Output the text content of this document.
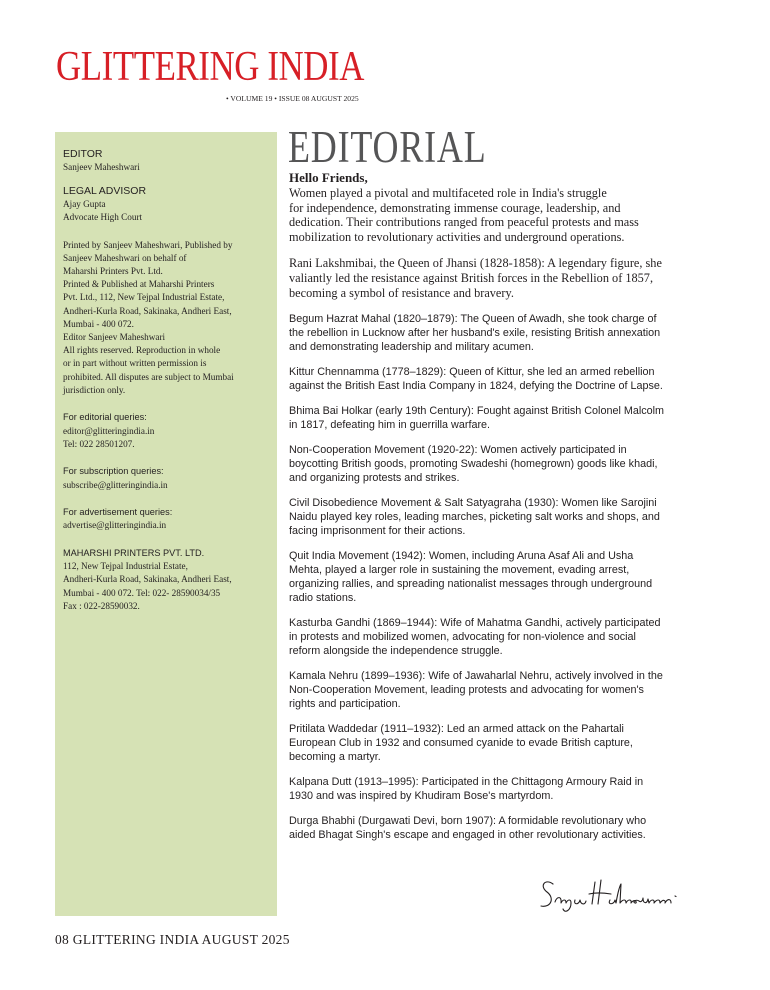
GLITTERING INDIA
• VOLUME 19 • ISSUE 08 AUGUST 2025
EDITOR
Sanjeev Maheshwari
LEGAL ADVISOR
Ajay Gupta
Advocate High Court
Printed by Sanjeev Maheshwari, Published by
Sanjeev Maheshwari on behalf of
Maharshi Printers Pvt. Ltd.
Printed & Published at Maharshi Printers
Pvt. Ltd., 112, New Tejpal Industrial Estate,
Andheri-Kurla Road, Sakinaka, Andheri East,
Mumbai - 400 072.
Editor Sanjeev Maheshwari
All rights reserved. Reproduction in whole
or in part without written permission is
prohibited. All disputes are subject to Mumbai
jurisdiction only.
For editorial queries:
editor@glitteringindia.in
Tel: 022 28501207.
For subscription queries:
subscribe@glitteringindia.in
For advertisement queries:
advertise@glitteringindia.in
MAHARSHI PRINTERS PVT. LTD.
112, New Tejpal Industrial Estate,
Andheri-Kurla Road, Sakinaka, Andheri East,
Mumbai - 400 072. Tel: 022- 28590034/35
Fax : 022-28590032.
EDITORIAL
Hello Friends,
Women played a pivotal and multifaceted role in India's struggle
for independence, demonstrating immense courage, leadership, and
dedication. Their contributions ranged from peaceful protests and mass
mobilization to revolutionary activities and underground operations.
Rani Lakshmibai, the Queen of Jhansi (1828-1858): A legendary figure, she
valiantly led the resistance against British forces in the Rebellion of 1857,
becoming a symbol of resistance and bravery.
Begum Hazrat Mahal (1820–1879): The Queen of Awadh, she took charge of
the rebellion in Lucknow after her husband's exile, resisting British annexation
and demonstrating leadership and military acumen.
Kittur Chennamma (1778–1829): Queen of Kittur, she led an armed rebellion
against the British East India Company in 1824, defying the Doctrine of Lapse.
Bhima Bai Holkar (early 19th Century): Fought against British Colonel Malcolm
in 1817, defeating him in guerrilla warfare.
Non-Cooperation Movement (1920-22): Women actively participated in
boycotting British goods, promoting Swadeshi (homegrown) goods like khadi,
and organizing protests and strikes.
Civil Disobedience Movement & Salt Satyagraha (1930): Women like Sarojini
Naidu played key roles, leading marches, picketing salt works and shops, and
facing imprisonment for their actions.
Quit India Movement (1942): Women, including Aruna Asaf Ali and Usha
Mehta, played a larger role in sustaining the movement, evading arrest,
organizing rallies, and spreading nationalist messages through underground
radio stations.
Kasturba Gandhi (1869–1944): Wife of Mahatma Gandhi, actively participated
in protests and mobilized women, advocating for non-violence and social
reform alongside the independence struggle.
Kamala Nehru (1899–1936): Wife of Jawaharlal Nehru, actively involved in the
Non-Cooperation Movement, leading protests and advocating for women's
rights and participation.
Pritilata Waddedar (1911–1932): Led an armed attack on the Pahartali
European Club in 1932 and consumed cyanide to evade British capture,
becoming a martyr.
Kalpana Dutt (1913–1995): Participated in the Chittagong Armoury Raid in
1930 and was inspired by Khudiram Bose's martyrdom.
Durga Bhabhi (Durgawati Devi, born 1907): A formidable revolutionary who
aided Bhagat Singh's escape and engaged in other revolutionary activities.
08 GLITTERING INDIA AUGUST 2025
